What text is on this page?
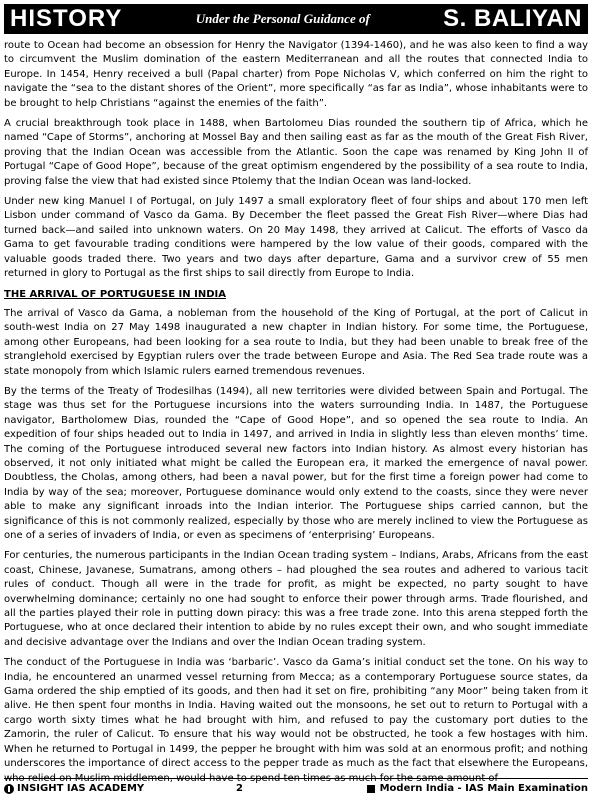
HISTORY	Under the Personal Guidance of	S. BALIYAN

route to Ocean had become an obsession for Henry the Navigator (1394-1460), and he was also keen to find a way to circumvent the Muslim domination of the eastern Mediterranean and all the routes that connected India to Europe. In 1454, Henry received a bull (Papal charter) from Pope Nicholas V, which conferred on him the right to navigate the “sea to the distant shores of the Orient”, more specifically “as far as India”, whose inhabitants were to be brought to help Christians “against the enemies of the faith”.

A crucial breakthrough took place in 1488, when Bartolomeu Dias rounded the southern tip of Africa, which he named “Cape of Storms”, anchoring at Mossel Bay and then sailing east as far as the mouth of the Great Fish River, proving that the Indian Ocean was accessible from the Atlantic. Soon the cape was renamed by King John II of Portugal “Cape of Good Hope”, because of the great optimism engendered by the possibility of a sea route to India, proving false the view that had existed since Ptolemy that the Indian Ocean was land-locked.

Under new king Manuel I of Portugal, on July 1497 a small exploratory fleet of four ships and about 170 men left Lisbon under command of Vasco da Gama. By December the fleet passed the Great Fish River—where Dias had turned back—and sailed into unknown waters. On 20 May 1498, they arrived at Calicut. The efforts of Vasco da Gama to get favourable trading conditions were hampered by the low value of their goods, compared with the valuable goods traded there. Two years and two days after departure, Gama and a survivor crew of 55 men returned in glory to Portugal as the first ships to sail directly from Europe to India.

THE ARRIVAL OF PORTUGUESE IN INDIA

The arrival of Vasco da Gama, a nobleman from the household of the King of Portugal, at the port of Calicut in south-west India on 27 May 1498 inaugurated a new chapter in Indian history. For some time, the Portuguese, among other Europeans, had been looking for a sea route to India, but they had been unable to break free of the stranglehold exercised by Egyptian rulers over the trade between Europe and Asia. The Red Sea trade route was a state monopoly from which Islamic rulers earned tremendous revenues.

By the terms of the Treaty of Trodesilhas (1494), all new territories were divided between Spain and Portugal. The stage was thus set for the Portuguese incursions into the waters surrounding India. In 1487, the Portuguese navigator, Bartholomew Dias, rounded the “Cape of Good Hope”, and so opened the sea route to India. An expedition of four ships headed out to India in 1497, and arrived in India in slightly less than eleven months’ time. The coming of the Portuguese introduced several new factors into Indian history. As almost every historian has observed, it not only initiated what might be called the European era, it marked the emergence of naval power. Doubtless, the Cholas, among others, had been a naval power, but for the first time a foreign power had come to India by way of the sea; moreover, Portuguese dominance would only extend to the coasts, since they were never able to make any significant inroads into the Indian interior. The Portuguese ships carried cannon, but the significance of this is not commonly realized, especially by those who are merely inclined to view the Portuguese as one of a series of invaders of India, or even as specimens of ‘enterprising’ Europeans.

For centuries, the numerous participants in the Indian Ocean trading system – Indians, Arabs, Africans from the east coast, Chinese, Javanese, Sumatrans, among others – had ploughed the sea routes and adhered to various tacit rules of conduct. Though all were in the trade for profit, as might be expected, no party sought to have overwhelming dominance; certainly no one had sought to enforce their power through arms. Trade flourished, and all the parties played their role in putting down piracy: this was a free trade zone. Into this arena stepped forth the Portuguese, who at once declared their intention to abide by no rules except their own, and who sought immediate and decisive advantage over the Indians and over the Indian Ocean trading system.

The conduct of the Portuguese in India was ‘barbaric’. Vasco da Gama’s initial conduct set the tone. On his way to India, he encountered an unarmed vessel returning from Mecca; as a contemporary Portuguese source states, da Gama ordered the ship emptied of its goods, and then had it set on fire, prohibiting “any Moor” being taken from it alive. He then spent four months in India. Having waited out the monsoons, he set out to return to Portugal with a cargo worth sixty times what he had brought with him, and refused to pay the customary port duties to the Zamorin, the ruler of Calicut. To ensure that his way would not be obstructed, he took a few hostages with him. When he returned to Portugal in 1499, the pepper he brought with him was sold at an enormous profit; and nothing underscores the importance of direct access to the pepper trade as much as the fact that elsewhere the Europeans, who relied on Muslim middlemen, would have to spend ten times as much for the same amount of

INSIGHT IAS ACADEMY	2	Modern India - IAS Main Examination
